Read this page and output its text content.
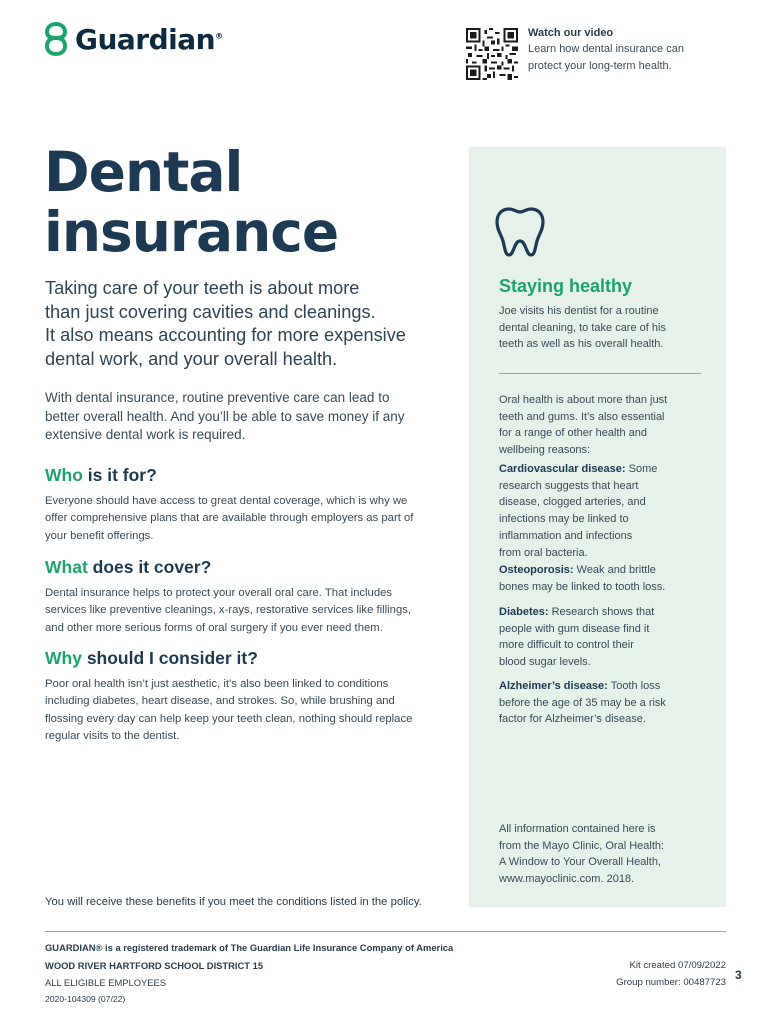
Guardian®	Watch our video
Learn how dental insurance can
protect your long-term health.
Dental
insurance
Taking care of your teeth is about more
than just covering cavities and cleanings.
It also means accounting for more expensive
dental work, and your overall health.
With dental insurance, routine preventive care can lead to
better overall health. And you’ll be able to save money if any
extensive dental work is required.
Who is it for?
Everyone should have access to great dental coverage, which is why we
offer comprehensive plans that are available through employers as part of
your benefit offerings.
What does it cover?
Dental insurance helps to protect your overall oral care. That includes
services like preventive cleanings, x-rays, restorative services like fillings,
and other more serious forms of oral surgery if you ever need them.
Why should I consider it?
Poor oral health isn’t just aesthetic, it’s also been linked to conditions
including diabetes, heart disease, and strokes. So, while brushing and
flossing every day can help keep your teeth clean, nothing should replace
regular visits to the dentist.
Staying healthy
Joe visits his dentist for a routine
dental cleaning, to take care of his
teeth as well as his overall health.
Oral health is about more than just
teeth and gums. It’s also essential
for a range of other health and
wellbeing reasons:
Cardiovascular disease: Some
research suggests that heart
disease, clogged arteries, and
infections may be linked to
inflammation and infections
from oral bacteria.
Osteoporosis: Weak and brittle
bones may be linked to tooth loss.
Diabetes: Research shows that
people with gum disease find it
more difficult to control their
blood sugar levels.
Alzheimer’s disease: Tooth loss
before the age of 35 may be a risk
factor for Alzheimer’s disease.
All information contained here is
from the Mayo Clinic, Oral Health:
A Window to Your Overall Health,
www.mayoclinic.com. 2018.
You will receive these benefits if you meet the conditions listed in the policy.
GUARDIAN® is a registered trademark of The Guardian Life Insurance Company of America
WOOD RIVER HARTFORD SCHOOL DISTRICT 15
ALL ELIGIBLE EMPLOYEES
2020-104309 (07/22)
Kit created 07/09/2022
Group number: 00487723
3
